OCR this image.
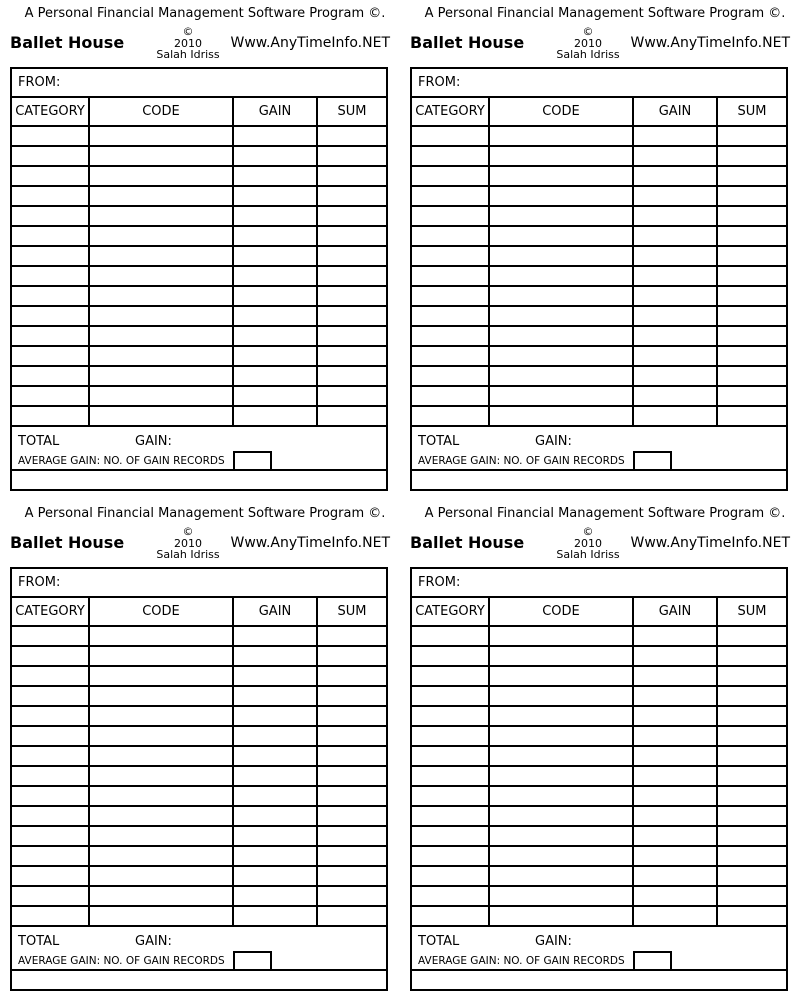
A Personal Financial Management Software Program ©.
Ballet House
©
2010
Salah Idriss
Www.AnyTimeInfo.NET
FROM:
CATEGORY	CODE	GAIN	SUM

TOTAL	GAIN:
AVERAGE GAIN: NO. OF GAIN RECORDS
A Personal Financial Management Software Program ©.
Ballet House
©
2010
Salah Idriss
Www.AnyTimeInfo.NET
FROM:
CATEGORY	CODE	GAIN	SUM

TOTAL	GAIN:
AVERAGE GAIN: NO. OF GAIN RECORDS
A Personal Financial Management Software Program ©.
Ballet House
©
2010
Salah Idriss
Www.AnyTimeInfo.NET
FROM:
CATEGORY	CODE	GAIN	SUM

TOTAL	GAIN:
AVERAGE GAIN: NO. OF GAIN RECORDS
A Personal Financial Management Software Program ©.
Ballet House
©
2010
Salah Idriss
Www.AnyTimeInfo.NET
FROM:
CATEGORY	CODE	GAIN	SUM

TOTAL	GAIN:
AVERAGE GAIN: NO. OF GAIN RECORDS
